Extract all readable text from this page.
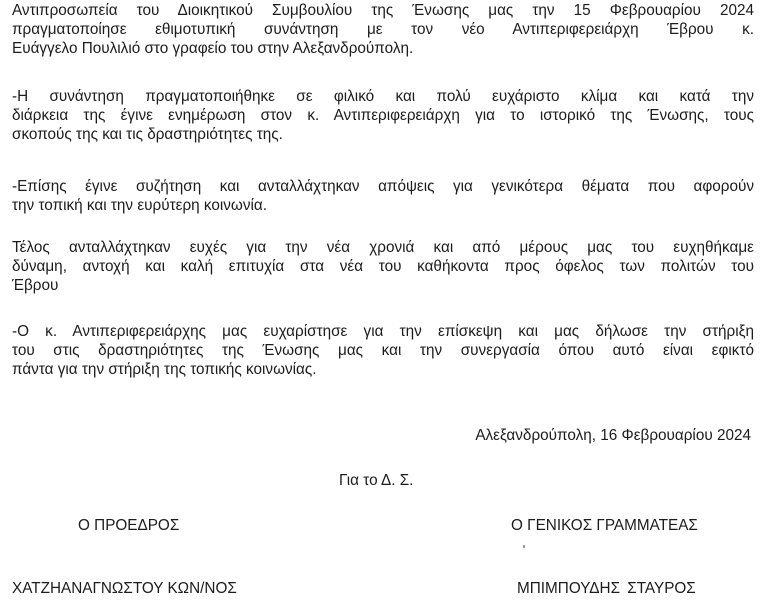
Αντιπροσωπεία του Διοικητικού Συμβουλίου της Ένωσης μας την 15 Φεβρουαρίου 2024
πραγματοποίησε εθιμοτυπική συνάντηση με τον νέο Αντιπεριφερειάρχη Έβρου κ.
Ευάγγελο Πουλιλιό στο γραφείο του στην Αλεξανδρούπολη.

-Η συνάντηση πραγματοποιήθηκε σε φιλικό και πολύ ευχάριστο κλίμα και κατά την
διάρκεια της έγινε ενημέρωση στον κ. Αντιπεριφερειάρχη για το ιστορικό της Ένωσης, τους
σκοπούς της και τις δραστηριότητες της.

-Επίσης έγινε συζήτηση και ανταλλάχτηκαν απόψεις για γενικότερα θέματα που αφορούν
την τοπική και την ευρύτερη κοινωνία.

Τέλος ανταλλάχτηκαν ευχές για την νέα χρονιά και από μέρους μας του ευχηθήκαμε
δύναμη, αντοχή και καλή επιτυχία στα νέα του καθήκοντα προς όφελος των πολιτών του
Έβρου

-Ο κ. Αντιπεριφερειάρχης μας ευχαρίστησε για την επίσκεψη και μας δήλωσε την στήριξη
του στις δραστηριότητες της Ένωσης μας και την συνεργασία όπου αυτό είναι εφικτό
πάντα για την στήριξη της τοπικής κοινωνίας.

Αλεξανδρούπολη, 16 Φεβρουαρίου 2024
Για το Δ. Σ.
Ο ΠΡΟΕΔΡΟΣ	Ο ΓΕΝΙΚΟΣ ΓΡΑΜΜΑΤΕΑΣ
ΧΑΤΖΗΑΝΑΓΝΩΣΤΟΥ ΚΩΝ/ΝΟΣ	ΜΠΙΜΠΟΥΔΗΣ ΣΤΑΥΡΟΣ
